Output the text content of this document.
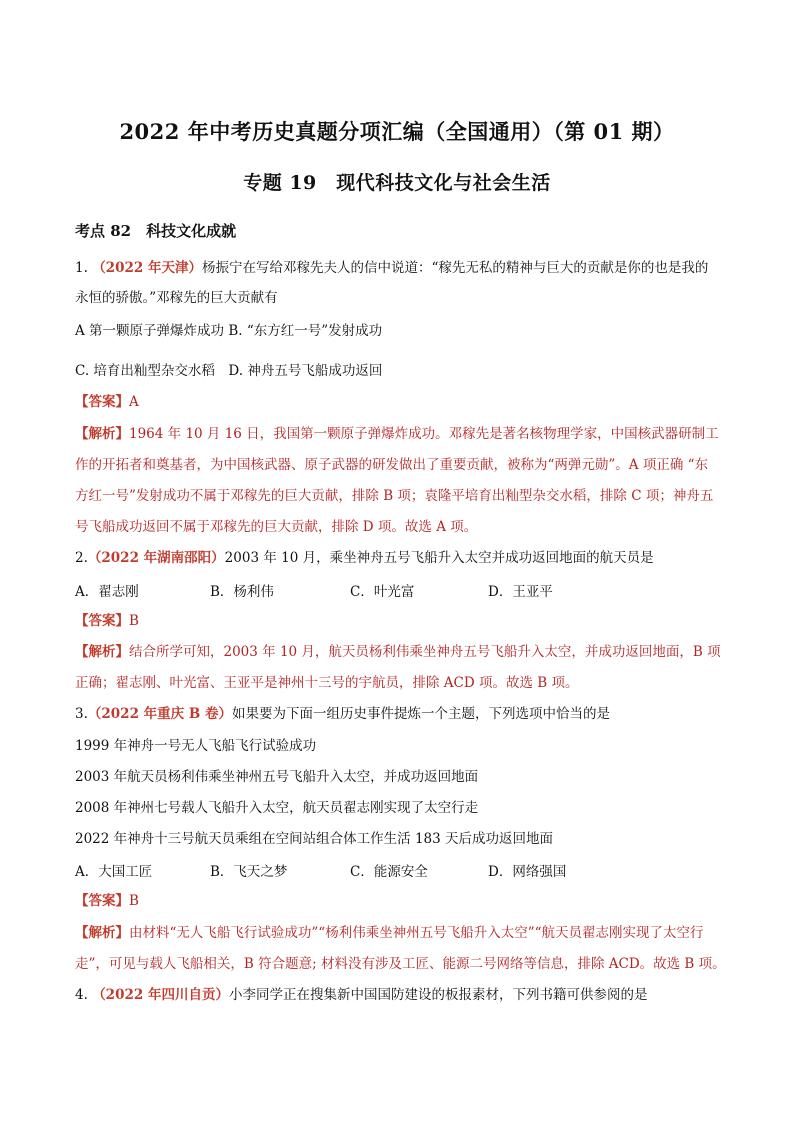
2022 年中考历史真题分项汇编（全国通用）（第 01 期）
专题 19　现代科技文化与社会生活
考点 82　科技文化成就
1. （2022 年天津）杨振宁在写给邓稼先夫人的信中说道：“稼先无私的精神与巨大的贡献是你的也是我的
永恒的骄傲。”邓稼先的巨大贡献有
A 第一颗原子弹爆炸成功 B. “东方红一号”发射成功
C. 培育出籼型杂交水稻　D. 神舟五号飞船成功返回
【答案】A
【解析】1964 年 10 月 16 日，我国第一颗原子弹爆炸成功。邓稼先是著名核物理学家，中国核武器研制工
作的开拓者和奠基者，为中国核武器、原子武器的研发做出了重要贡献，被称为“两弹元勋”。A 项正确 “东
方红一号”发射成功不属于邓稼先的巨大贡献，排除 B 项；袁隆平培育出籼型杂交水稻，排除 C 项；神舟五
号飞船成功返回不属于邓稼先的巨大贡献，排除 D 项。故选 A 项。
2.（2022 年湖南邵阳）2003 年 10 月，乘坐神舟五号飞船升入太空并成功返回地面的航天员是
A．翟志刚	B．杨利伟	C．叶光富	D．王亚平
【答案】B
【解析】结合所学可知，2003 年 10 月，航天员杨利伟乘坐神舟五号飞船升入太空，并成功返回地面，B 项
正确；翟志刚、叶光富、王亚平是神州十三号的宇航员，排除 ACD 项。故选 B 项。
3.（2022 年重庆 B 卷）如果要为下面一组历史事件提炼一个主题，下列选项中恰当的是
1999 年神舟一号无人飞船飞行试验成功
2003 年航天员杨利伟乘坐神州五号飞船升入太空，并成功返回地面
2008 年神州七号载人飞船升入太空，航天员翟志刚实现了太空行走
2022 年神舟十三号航天员乘组在空间站组合体工作生活 183 天后成功返回地面
A．大国工匠	B．飞天之梦	C．能源安全	D．网络强国
【答案】B
【解析】由材料“无人飞船飞行试验成功”“杨利伟乘坐神州五号飞船升入太空”“航天员翟志刚实现了太空行
走”，可见与载人飞船相关，B 符合题意; 材料没有涉及工匠、能源二号网络等信息，排除 ACD。故选 B 项。
4. （2022 年四川自贡）小李同学正在搜集新中国国防建设的板报素材，下列书籍可供参阅的是
